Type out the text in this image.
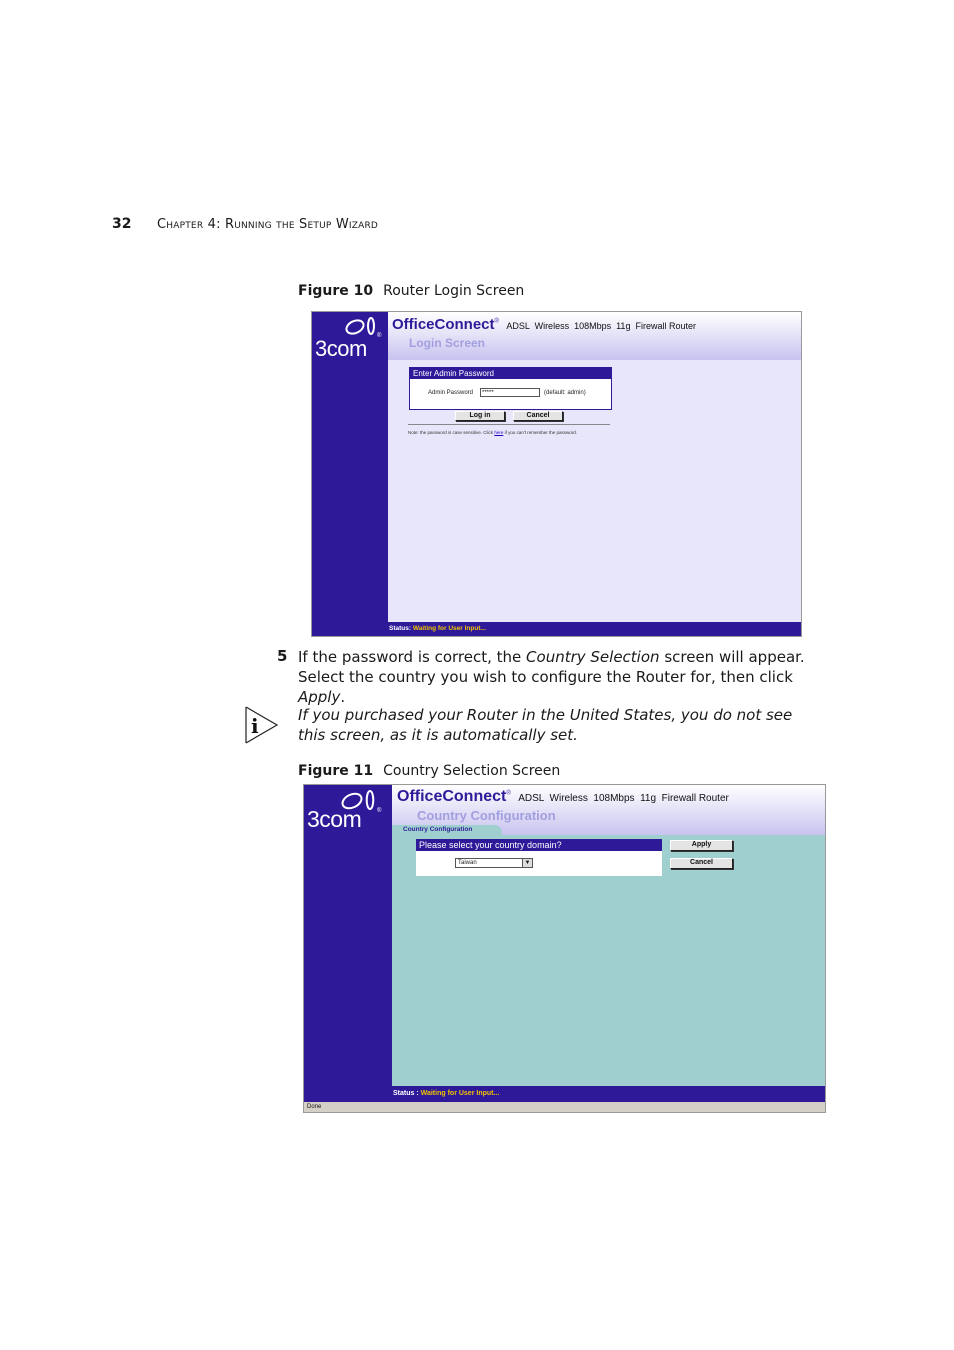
32 Chapter 4: Running the Setup Wizard
Figure 10 Router Login Screen
®
3com
OfficeConnect® ADSL  Wireless  108Mbps  11g  Firewall Router
Login Screen
Enter Admin Password
Admin Password
*****	(default: admin)
Log in	Cancel
Note: the password is case sensitive. Click here if you can't remember the password.
Status: Waiting for User Input...
5 If the password is correct, the Country Selection screen will appear. Select the country you wish to configure the Router for, then click Apply.
i	If you purchased your Router in the United States, you do not see this screen, as it is automatically set.
Figure 11 Country Selection Screen
®
3com
OfficeConnect® ADSL  Wireless  108Mbps  11g  Firewall Router
Country Configuration
Country Configuration
Please select your country domain?
Taiwan	▼
Apply
Cancel
Status : Waiting for User Input...
Done
